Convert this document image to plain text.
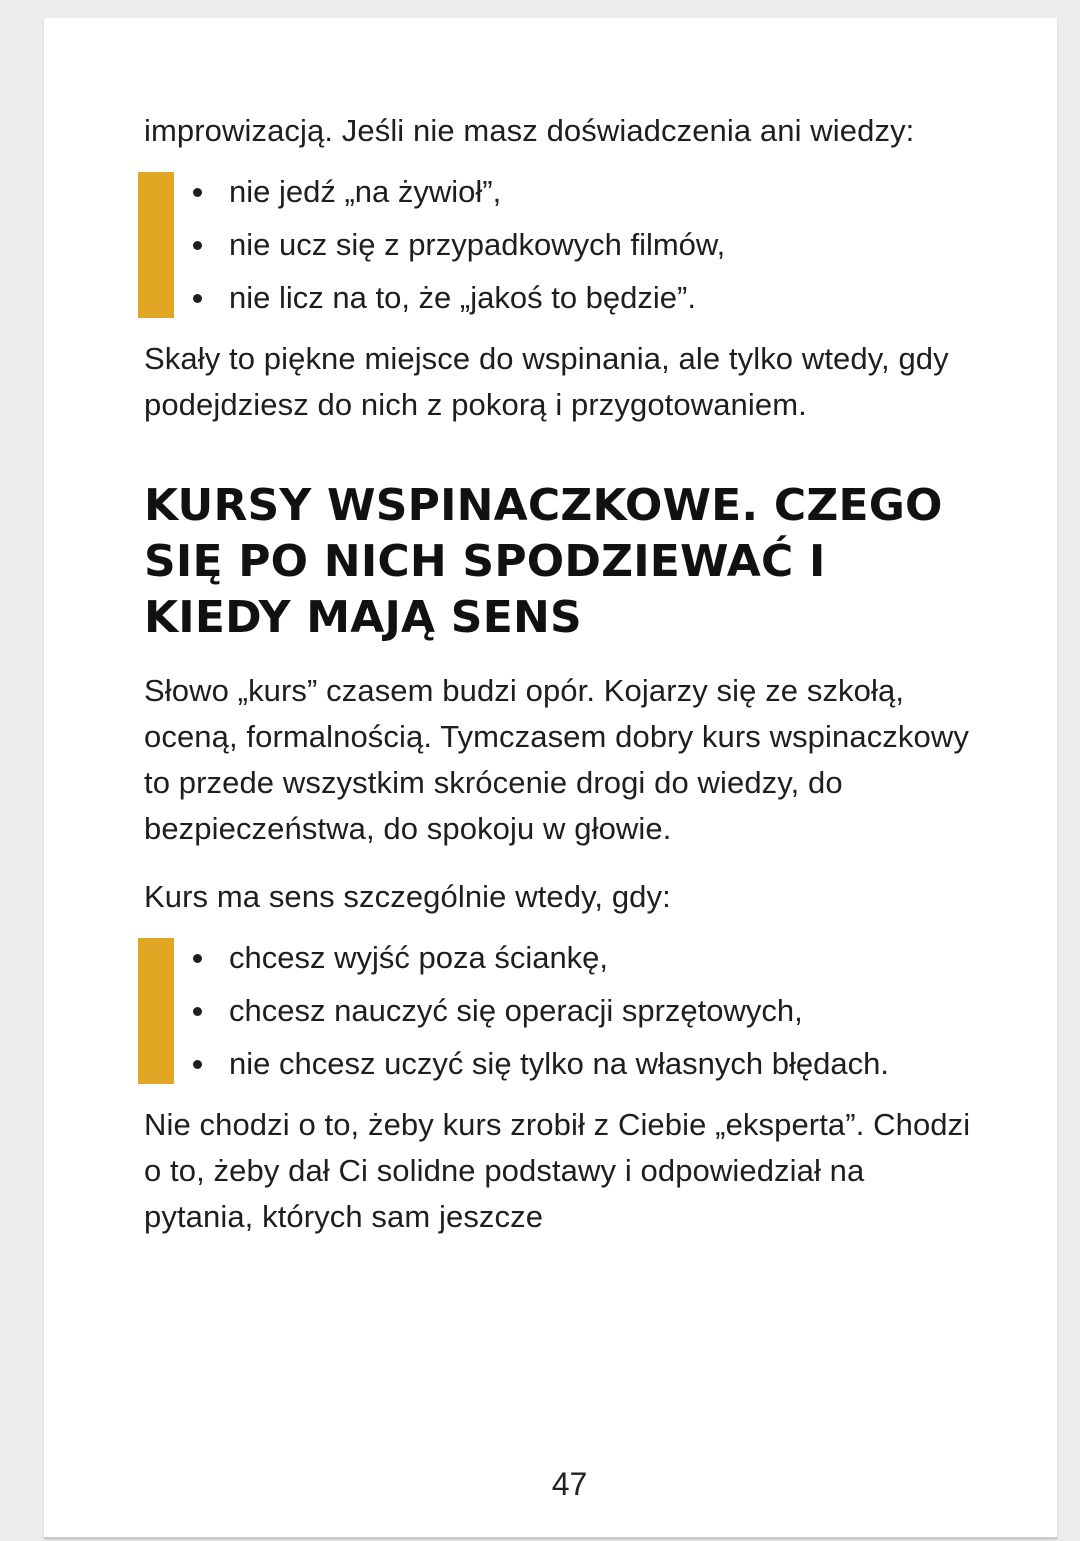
improwizacją. Jeśli nie masz doświadczenia ani wiedzy:

nie jedź „na żywioł”,
nie ucz się z przypadkowych filmów,
nie licz na to, że „jakoś to będzie”.

Skały to piękne miejsce do wspinania, ale tylko wtedy, gdy podejdziesz do nich z pokorą i przygotowaniem.

KURSY WSPINACZKOWE. CZEGO SIĘ PO NICH SPODZIEWAĆ I KIEDY MAJĄ SENS

Słowo „kurs” czasem budzi opór. Kojarzy się ze szkołą, oceną, formalnością. Tymczasem dobry kurs wspinaczkowy to przede wszystkim skrócenie drogi do wiedzy, do bezpieczeństwa, do spokoju w głowie.

Kurs ma sens szczególnie wtedy, gdy:

chcesz wyjść poza ściankę,
chcesz nauczyć się operacji sprzętowych,
nie chcesz uczyć się tylko na własnych błędach.

Nie chodzi o to, żeby kurs zrobił z Ciebie „eksperta”. Chodzi o to, żeby dał Ci solidne podstawy i odpowiedział na pytania, których sam jeszcze

47
